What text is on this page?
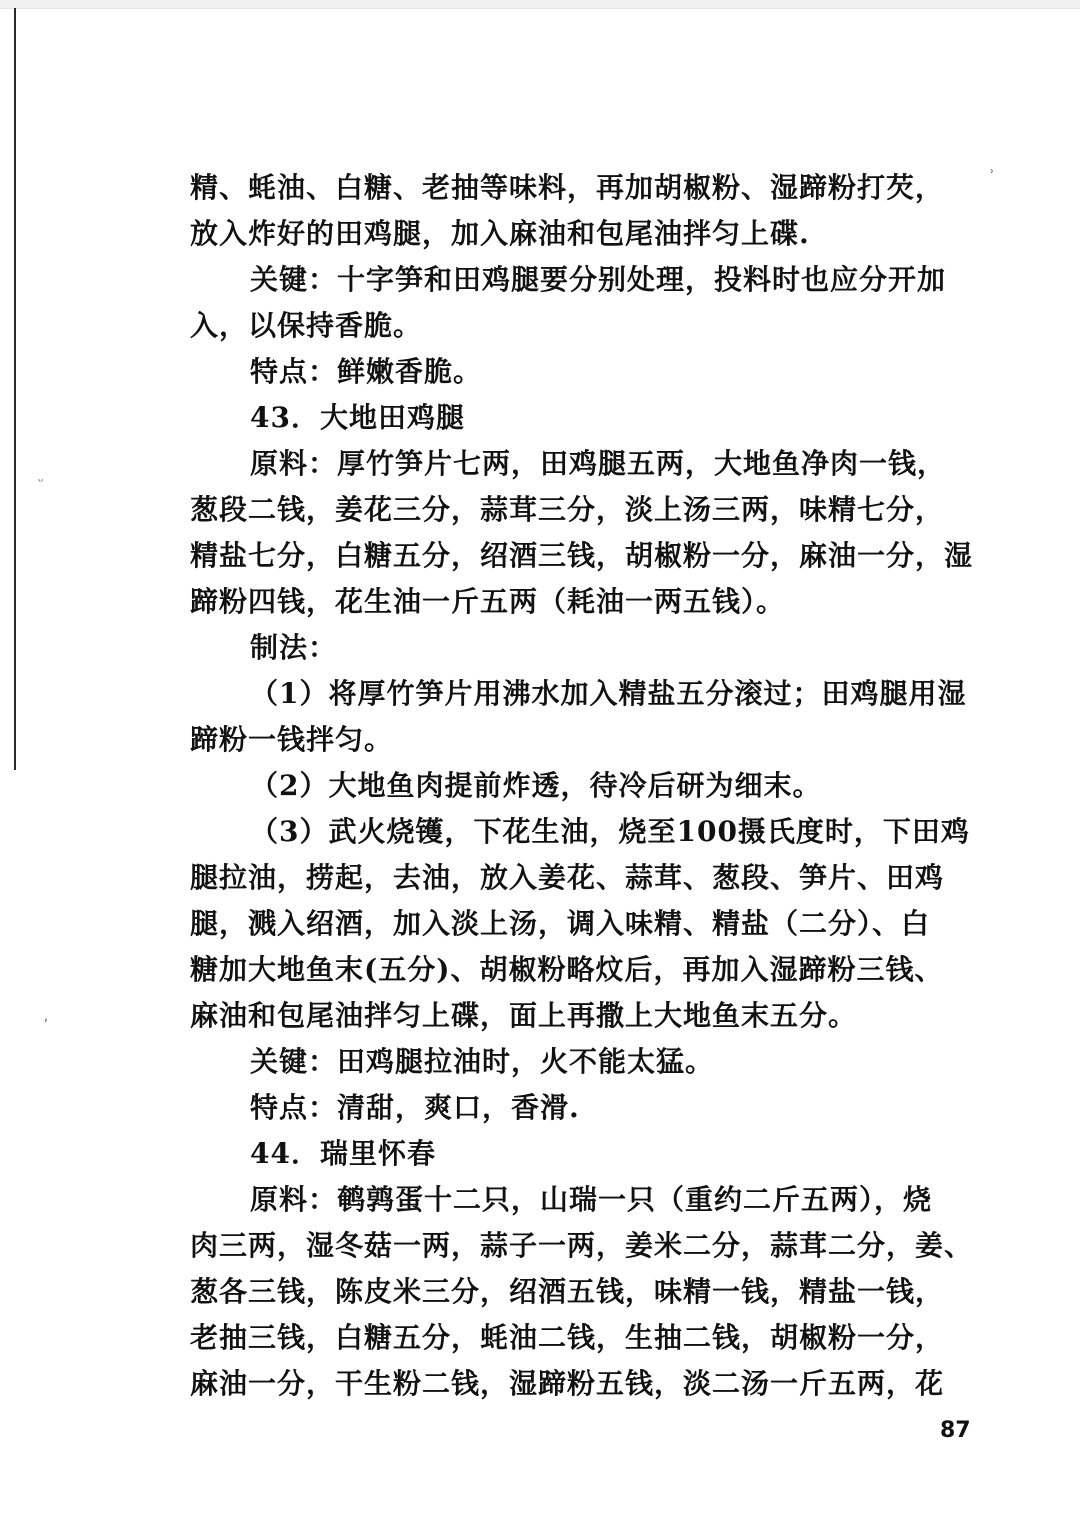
ʾ
ᵕ
ʹ
精、蚝油、白糖、老抽等味料，再加胡椒粉、湿蹄粉打芡，
放入炸好的田鸡腿，加入麻油和包尾油拌匀上碟.
关键：十字笋和田鸡腿要分别处理，投料时也应分开加
入，以保持香脆。
特点：鲜嫩香脆。
43．大地田鸡腿
原料：厚竹笋片七两，田鸡腿五两，大地鱼净肉一钱，
葱段二钱，姜花三分，蒜茸三分，淡上汤三两，味精七分，
精盐七分，白糖五分，绍酒三钱，胡椒粉一分，麻油一分，湿
蹄粉四钱，花生油一斤五两（耗油一两五钱）。
制法：
（1）将厚竹笋片用沸水加入精盐五分滚过；田鸡腿用湿
蹄粉一钱拌匀。
（2）大地鱼肉提前炸透，待冷后研为细末。
（3）武火烧镬，下花生油，烧至100摄氏度时，下田鸡
腿拉油，捞起，去油，放入姜花、蒜茸、葱段、笋片、田鸡
腿，溅入绍酒，加入淡上汤，调入味精、精盐（二分）、白
糖加大地鱼末(五分)、胡椒粉略炆后，再加入湿蹄粉三钱、
麻油和包尾油拌匀上碟，面上再撒上大地鱼末五分。
关键：田鸡腿拉油时，火不能太猛。
特点：清甜，爽口，香滑.
44．瑞里怀春
原料：鹌鹑蛋十二只，山瑞一只（重约二斤五两），烧
肉三两，湿冬菇一两，蒜子一两，姜米二分，蒜茸二分，姜、
葱各三钱，陈皮米三分，绍酒五钱，味精一钱，精盐一钱，
老抽三钱，白糖五分，蚝油二钱，生抽二钱，胡椒粉一分，
麻油一分，干生粉二钱，湿蹄粉五钱，淡二汤一斤五两，花
87
